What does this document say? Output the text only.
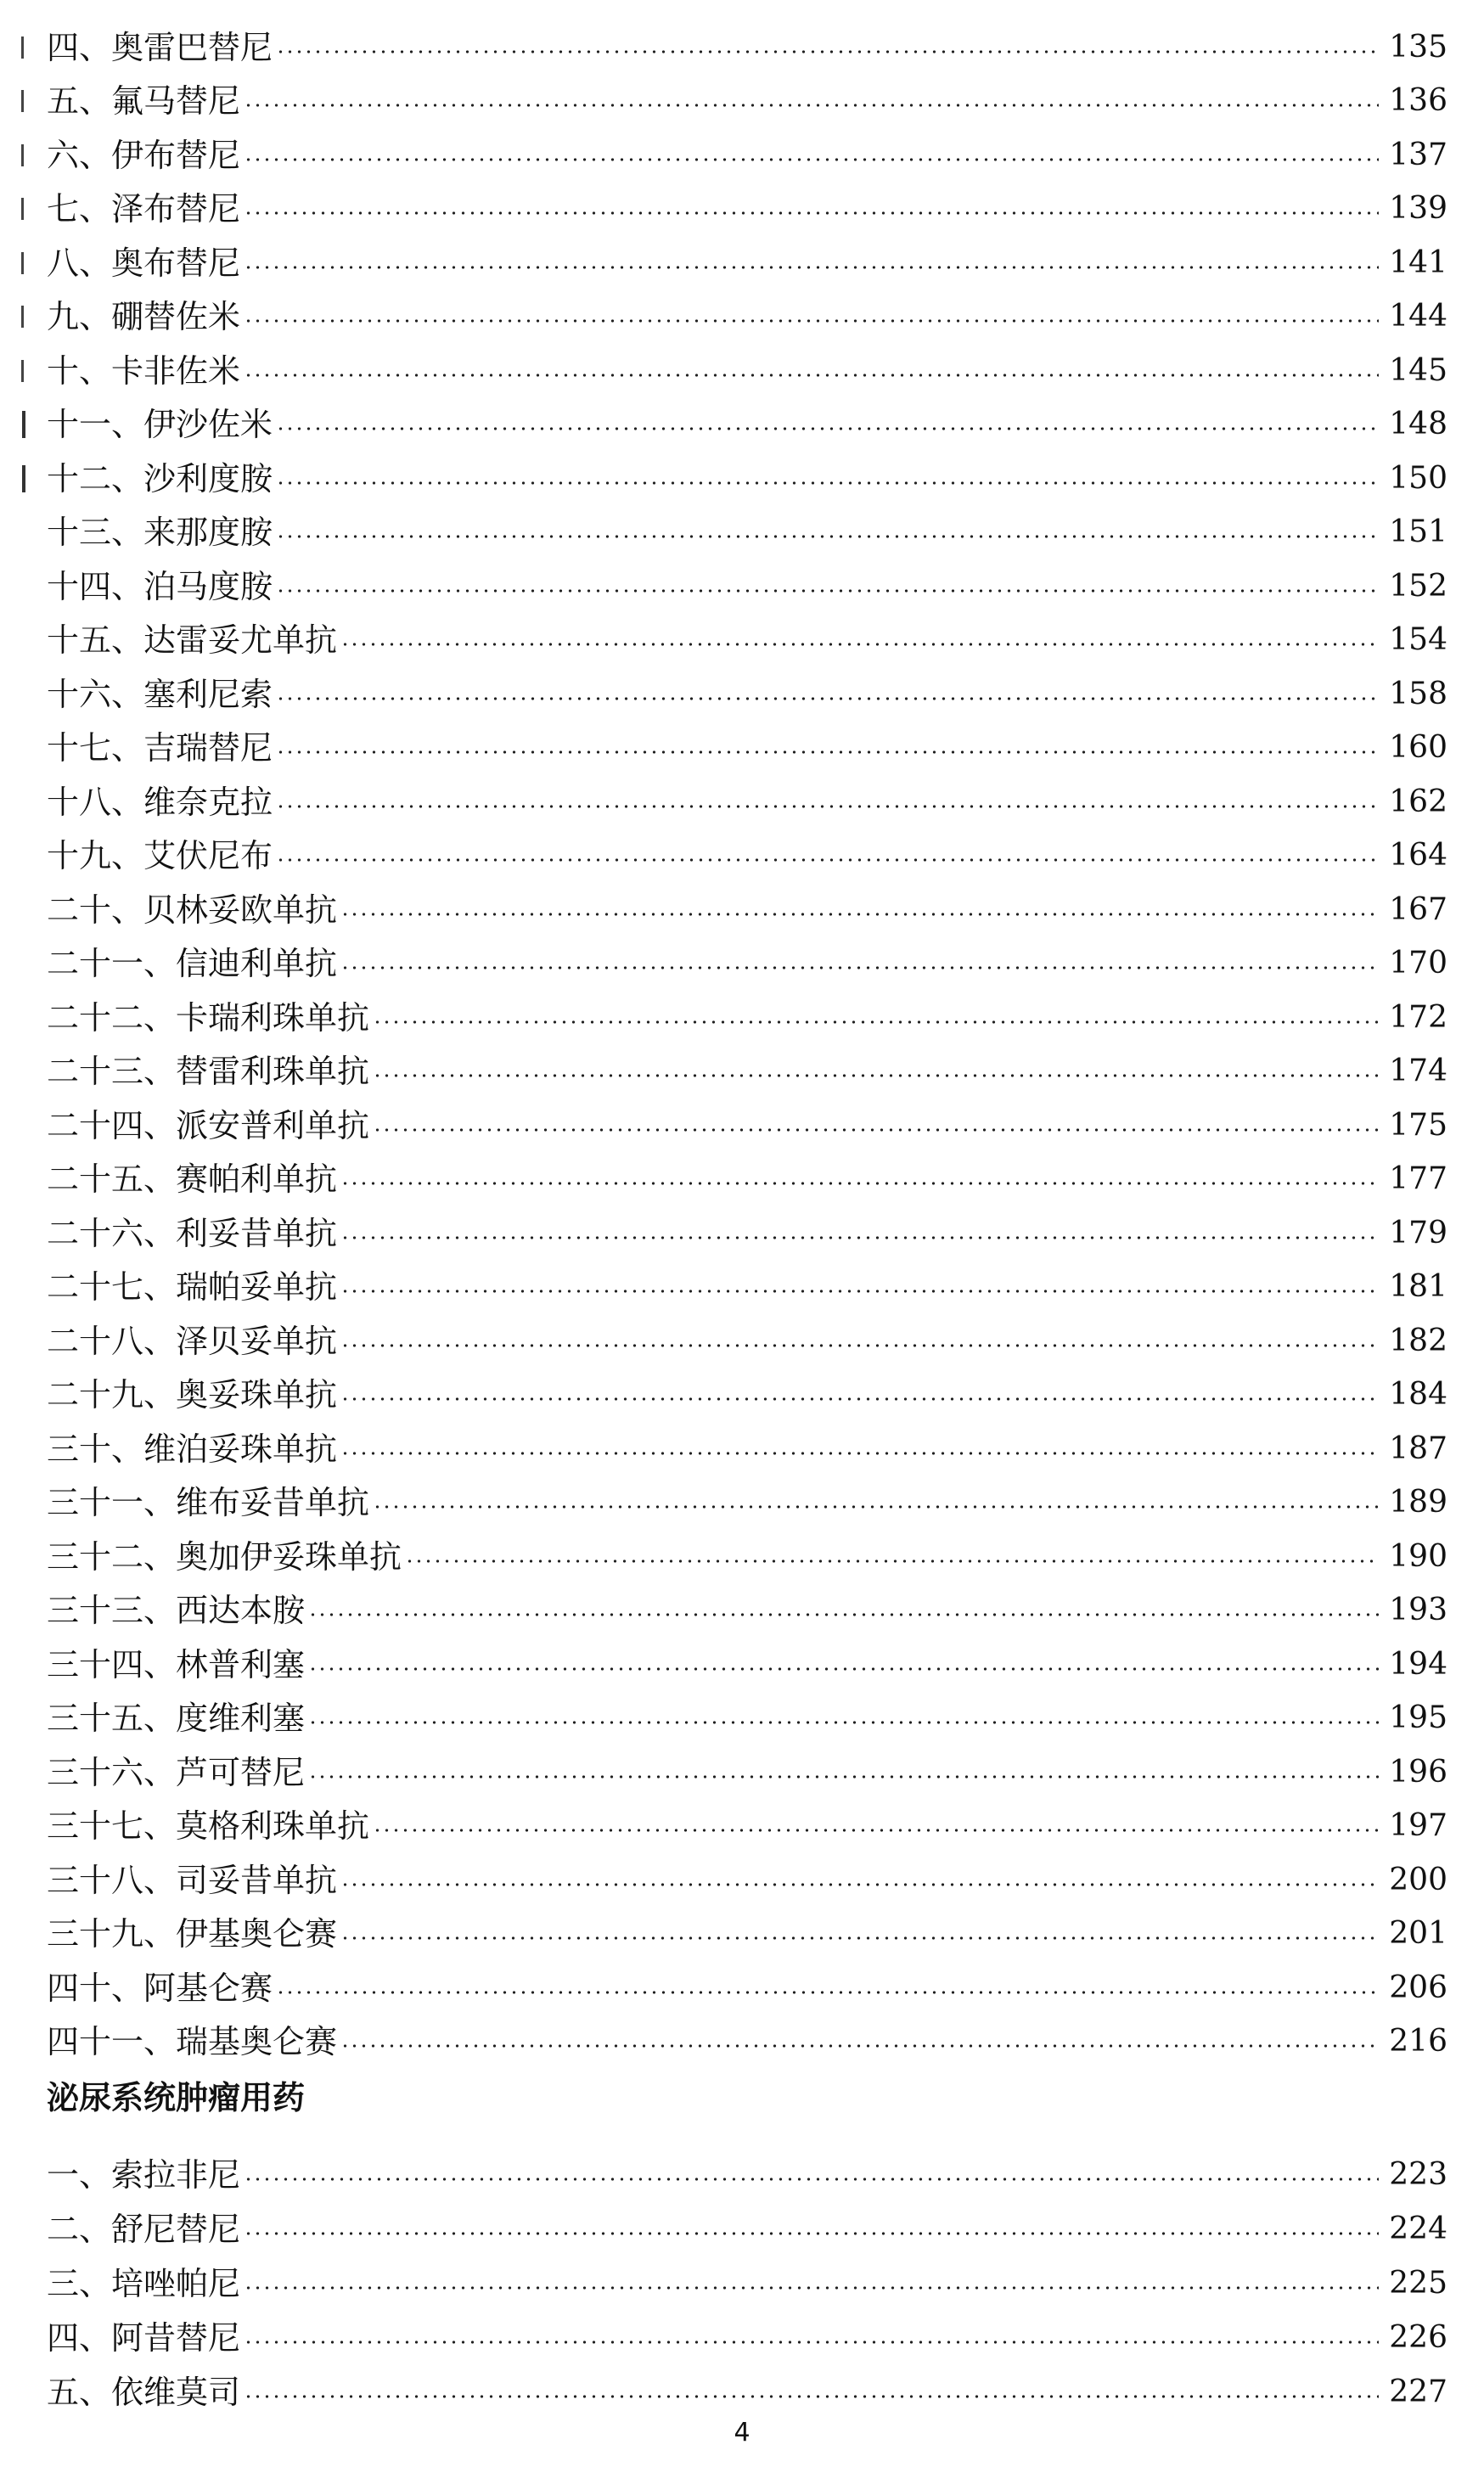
四、奥雷巴替尼	135
五、氟马替尼	136
六、伊布替尼	137
七、泽布替尼	139
八、奥布替尼	141
九、硼替佐米	144
十、卡非佐米	145
十一、伊沙佐米	148
十二、沙利度胺	150
十三、来那度胺	151
十四、泊马度胺	152
十五、达雷妥尤单抗	154
十六、塞利尼索	158
十七、吉瑞替尼	160
十八、维奈克拉	162
十九、艾伏尼布	164
二十、贝林妥欧单抗	167
二十一、信迪利单抗	170
二十二、卡瑞利珠单抗	172
二十三、替雷利珠单抗	174
二十四、派安普利单抗	175
二十五、赛帕利单抗	177
二十六、利妥昔单抗	179
二十七、瑞帕妥单抗	181
二十八、泽贝妥单抗	182
二十九、奥妥珠单抗	184
三十、维泊妥珠单抗	187
三十一、维布妥昔单抗	189
三十二、奥加伊妥珠单抗	190
三十三、西达本胺	193
三十四、林普利塞	194
三十五、度维利塞	195
三十六、芦可替尼	196
三十七、莫格利珠单抗	197
三十八、司妥昔单抗	200
三十九、伊基奥仑赛	201
四十、阿基仑赛	206
四十一、瑞基奥仑赛	216
泌尿系统肿瘤用药
一、索拉非尼	223
二、舒尼替尼	224
三、培唑帕尼	225
四、阿昔替尼	226
五、依维莫司	227
4
